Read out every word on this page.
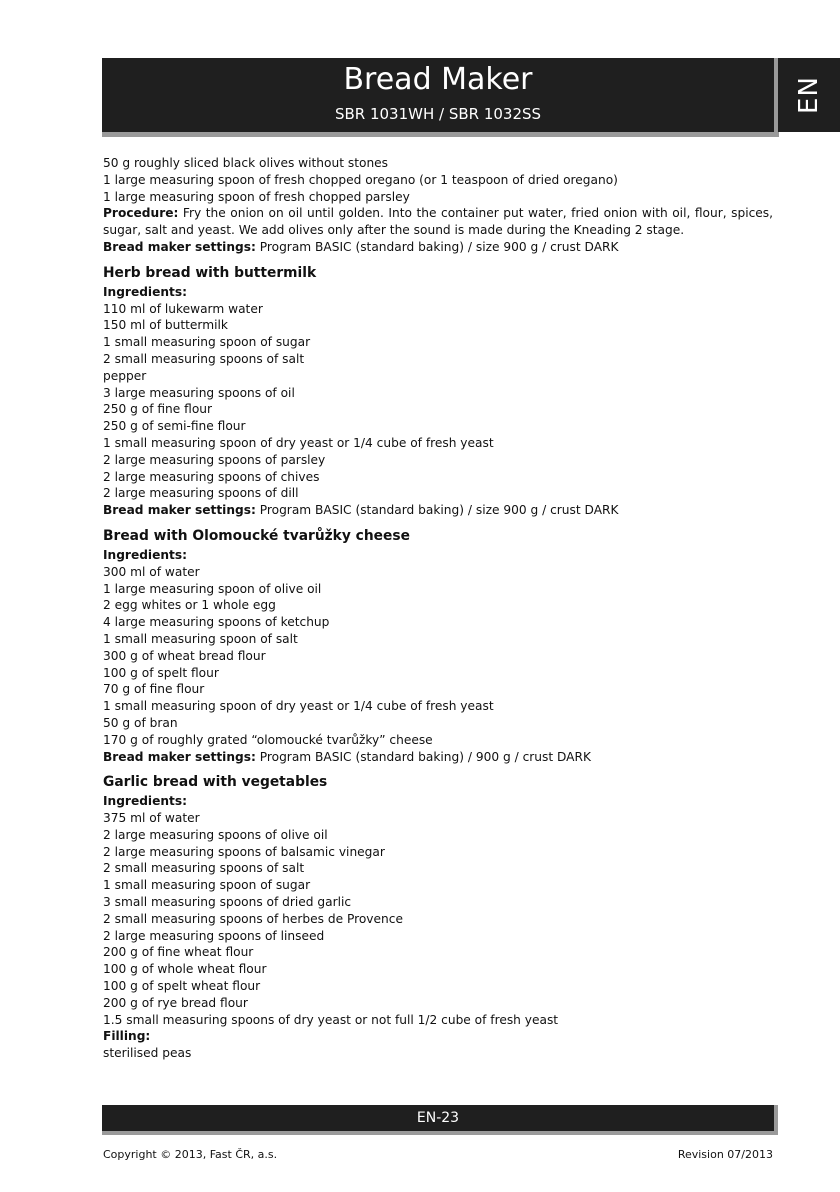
Bread Maker
SBR 1031WH / SBR 1032SS
EN
50 g roughly sliced black olives without stones
1 large measuring spoon of fresh chopped oregano (or 1 teaspoon of dried oregano)
1 large measuring spoon of fresh chopped parsley
Procedure: Fry the onion on oil until golden. Into the container put water, fried onion with oil, flour, spices, sugar, salt and yeast. We add olives only after the sound is made during the Kneading 2 stage.
Bread maker settings: Program BASIC (standard baking) / size 900 g / crust DARK
Herb bread with buttermilk
Ingredients:
110 ml of lukewarm water
150 ml of buttermilk
1 small measuring spoon of sugar
2 small measuring spoons of salt
pepper
3 large measuring spoons of oil
250 g of fine flour
250 g of semi-fine flour
1 small measuring spoon of dry yeast or 1/4 cube of fresh yeast
2 large measuring spoons of parsley
2 large measuring spoons of chives
2 large measuring spoons of dill
Bread maker settings: Program BASIC (standard baking) / size 900 g / crust DARK
Bread with Olomoucké tvarůžky cheese
Ingredients:
300 ml of water
1 large measuring spoon of olive oil
2 egg whites or 1 whole egg
4 large measuring spoons of ketchup
1 small measuring spoon of salt
300 g of wheat bread flour
100 g of spelt flour
70 g of fine flour
1 small measuring spoon of dry yeast or 1/4 cube of fresh yeast
50 g of bran
170 g of roughly grated “olomoucké tvarůžky” cheese
Bread maker settings: Program BASIC (standard baking) / 900 g / crust DARK
Garlic bread with vegetables
Ingredients:
375 ml of water
2 large measuring spoons of olive oil
2 large measuring spoons of balsamic vinegar
2 small measuring spoons of salt
1 small measuring spoon of sugar
3 small measuring spoons of dried garlic
2 small measuring spoons of herbes de Provence
2 large measuring spoons of linseed
200 g of fine wheat flour
100 g of whole wheat flour
100 g of spelt wheat flour
200 g of rye bread flour
1.5 small measuring spoons of dry yeast or not full 1/2 cube of fresh yeast
Filling:
sterilised peas
EN-23
Copyright © 2013, Fast ČR, a.s.	Revision 07/2013
